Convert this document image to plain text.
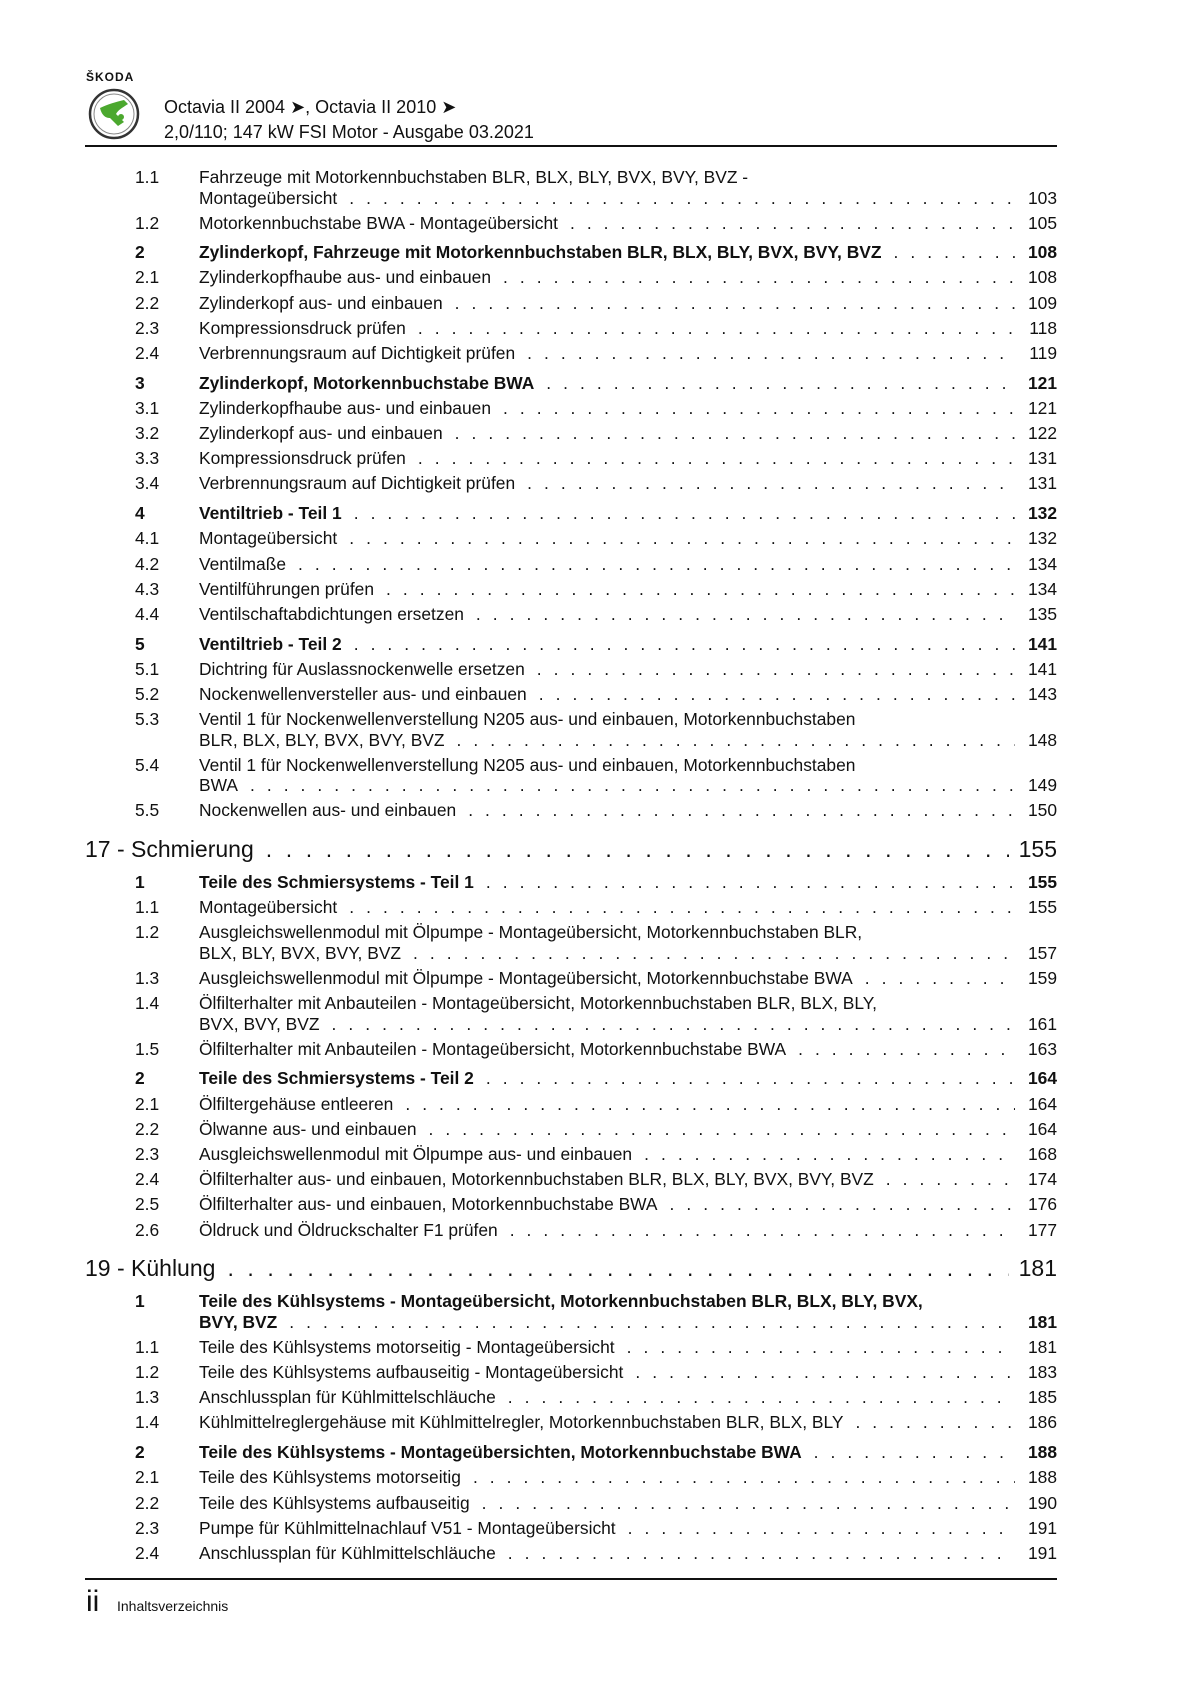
ŠKODA
Octavia II 2004 ➤, Octavia II 2010 ➤
2,0/110; 147 kW FSI Motor - Ausgabe 03.2021
1.1	Fahrzeuge mit Motorkennbuchstaben BLR, BLX, BLY, BVX, BVY, BVZ -
Montageübersicht . . .	103
1.2	Motorkennbuchstabe BWA - Montageübersicht . . .	105
2	Zylinderkopf, Fahrzeuge mit Motorkennbuchstaben BLR, BLX, BLY, BVX, BVY, BVZ . . .	108
2.1	Zylinderkopfhaube aus- und einbauen . . .	108
2.2	Zylinderkopf aus- und einbauen . . .	109
2.3	Kompressionsdruck prüfen . . .	118
2.4	Verbrennungsraum auf Dichtigkeit prüfen . . .	119
3	Zylinderkopf, Motorkennbuchstabe BWA . . .	121
3.1	Zylinderkopfhaube aus- und einbauen . . .	121
3.2	Zylinderkopf aus- und einbauen . . .	122
3.3	Kompressionsdruck prüfen . . .	131
3.4	Verbrennungsraum auf Dichtigkeit prüfen . . .	131
4	Ventiltrieb - Teil 1 . . .	132
4.1	Montageübersicht . . .	132
4.2	Ventilmaße . . .	134
4.3	Ventilführungen prüfen . . .	134
4.4	Ventilschaftabdichtungen ersetzen . . .	135
5	Ventiltrieb - Teil 2 . . .	141
5.1	Dichtring für Auslassnockenwelle ersetzen . . .	141
5.2	Nockenwellenversteller aus- und einbauen . . .	143
5.3	Ventil 1 für Nockenwellenverstellung N205 aus- und einbauen, Motorkennbuchstaben
BLR, BLX, BLY, BVX, BVY, BVZ . . .	148
5.4	Ventil 1 für Nockenwellenverstellung N205 aus- und einbauen, Motorkennbuchstaben
BWA . . .	149
5.5	Nockenwellen aus- und einbauen . . .	150
17 - Schmierung . . .	155
1	Teile des Schmiersystems - Teil 1 . . .	155
1.1	Montageübersicht . . .	155
1.2	Ausgleichswellenmodul mit Ölpumpe - Montageübersicht, Motorkennbuchstaben BLR,
BLX, BLY, BVX, BVY, BVZ . . .	157
1.3	Ausgleichswellenmodul mit Ölpumpe - Montageübersicht, Motorkennbuchstabe BWA . . .	159
1.4	Ölfilterhalter mit Anbauteilen - Montageübersicht, Motorkennbuchstaben BLR, BLX, BLY,
BVX, BVY, BVZ . . .	161
1.5	Ölfilterhalter mit Anbauteilen - Montageübersicht, Motorkennbuchstabe BWA . . .	163
2	Teile des Schmiersystems - Teil 2 . . .	164
2.1	Ölfiltergehäuse entleeren . . .	164
2.2	Ölwanne aus- und einbauen . . .	164
2.3	Ausgleichswellenmodul mit Ölpumpe aus- und einbauen . . .	168
2.4	Ölfilterhalter aus- und einbauen, Motorkennbuchstaben BLR, BLX, BLY, BVX, BVY, BVZ . . .	174
2.5	Ölfilterhalter aus- und einbauen, Motorkennbuchstabe BWA . . .	176
2.6	Öldruck und Öldruckschalter F1 prüfen . . .	177
19 - Kühlung . . .	181
1	Teile des Kühlsystems - Montageübersicht, Motorkennbuchstaben BLR, BLX, BLY, BVX,
BVY, BVZ . . .	181
1.1	Teile des Kühlsystems motorseitig - Montageübersicht . . .	181
1.2	Teile des Kühlsystems aufbauseitig - Montageübersicht . . .	183
1.3	Anschlussplan für Kühlmittelschläuche . . .	185
1.4	Kühlmittelreglergehäuse mit Kühlmittelregler, Motorkennbuchstaben BLR, BLX, BLY . . .	186
2	Teile des Kühlsystems - Montageübersichten, Motorkennbuchstabe BWA . . .	188
2.1	Teile des Kühlsystems motorseitig . . .	188
2.2	Teile des Kühlsystems aufbauseitig . . .	190
2.3	Pumpe für Kühlmittelnachlauf V51 - Montageübersicht . . .	191
2.4	Anschlussplan für Kühlmittelschläuche . . .	191
ii Inhaltsverzeichnis
